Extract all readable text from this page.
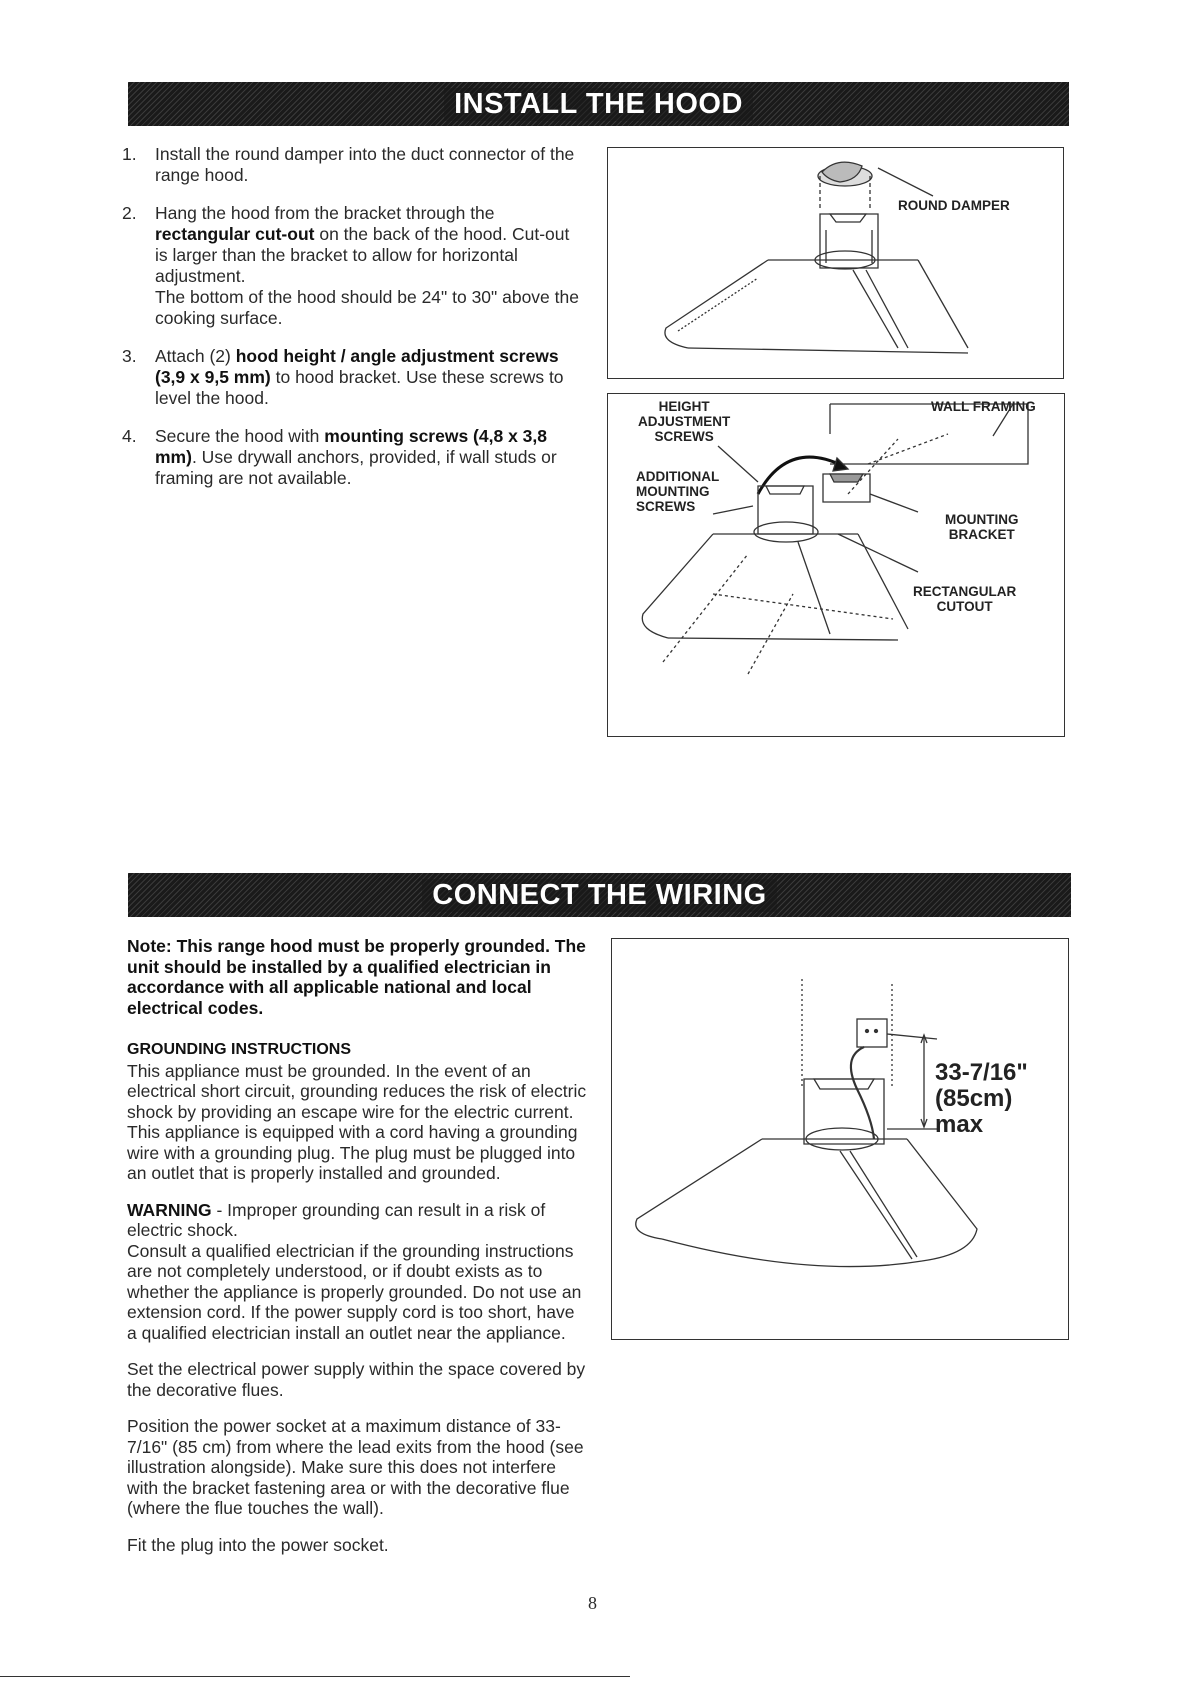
INSTALL THE HOOD
1.	Install the round damper into the duct connector of the range hood.
2.	Hang the hood from the bracket through the rectangular cut-out on the back of the hood. Cut-out is larger than the bracket to allow for horizontal adjustment.
The bottom of the hood should be 24" to 30" above the cooking surface.
3.	Attach (2) hood height / angle adjustment screws (3,9 x 9,5 mm) to hood bracket. Use these screws to level the hood.
4.	Secure the hood with mounting screws (4,8 x 3,8 mm). Use drywall anchors, provided, if wall studs or framing are not available.
ROUND DAMPER
HEIGHT
ADJUSTMENT
SCREWS
ADDITIONAL
MOUNTING
SCREWS
WALL FRAMING
MOUNTING
BRACKET
RECTANGULAR
CUTOUT
CONNECT THE WIRING

Note: This range hood must be properly grounded. The unit should be installed by a qualified electrician in accordance with all applicable national and local electrical codes.

GROUNDING INSTRUCTIONS
This appliance must be grounded. In the event of an electrical short circuit, grounding reduces the risk of electric shock by providing an escape wire for the electric current. This appliance is equipped with a cord having a grounding wire with a grounding plug. The plug must be plugged into an outlet that is properly installed and grounded.

WARNING - Improper grounding can result in a risk of electric shock.
Consult a qualified electrician if the grounding instructions are not completely understood, or if doubt exists as to whether the appliance is properly grounded. Do not use an extension cord. If the power supply cord is too short, have a qualified electrician install an outlet near the appliance.

Set the electrical power supply within the space covered by the decorative flues.

Position the power socket at a maximum distance of 33-7/16" (85 cm) from where the lead exits from the hood (see illustration alongside). Make sure this does not interfere with the bracket fastening area or with the decorative flue (where the flue touches the wall).

Fit the plug into the power socket.

33-7/16"
(85cm)
max
8
